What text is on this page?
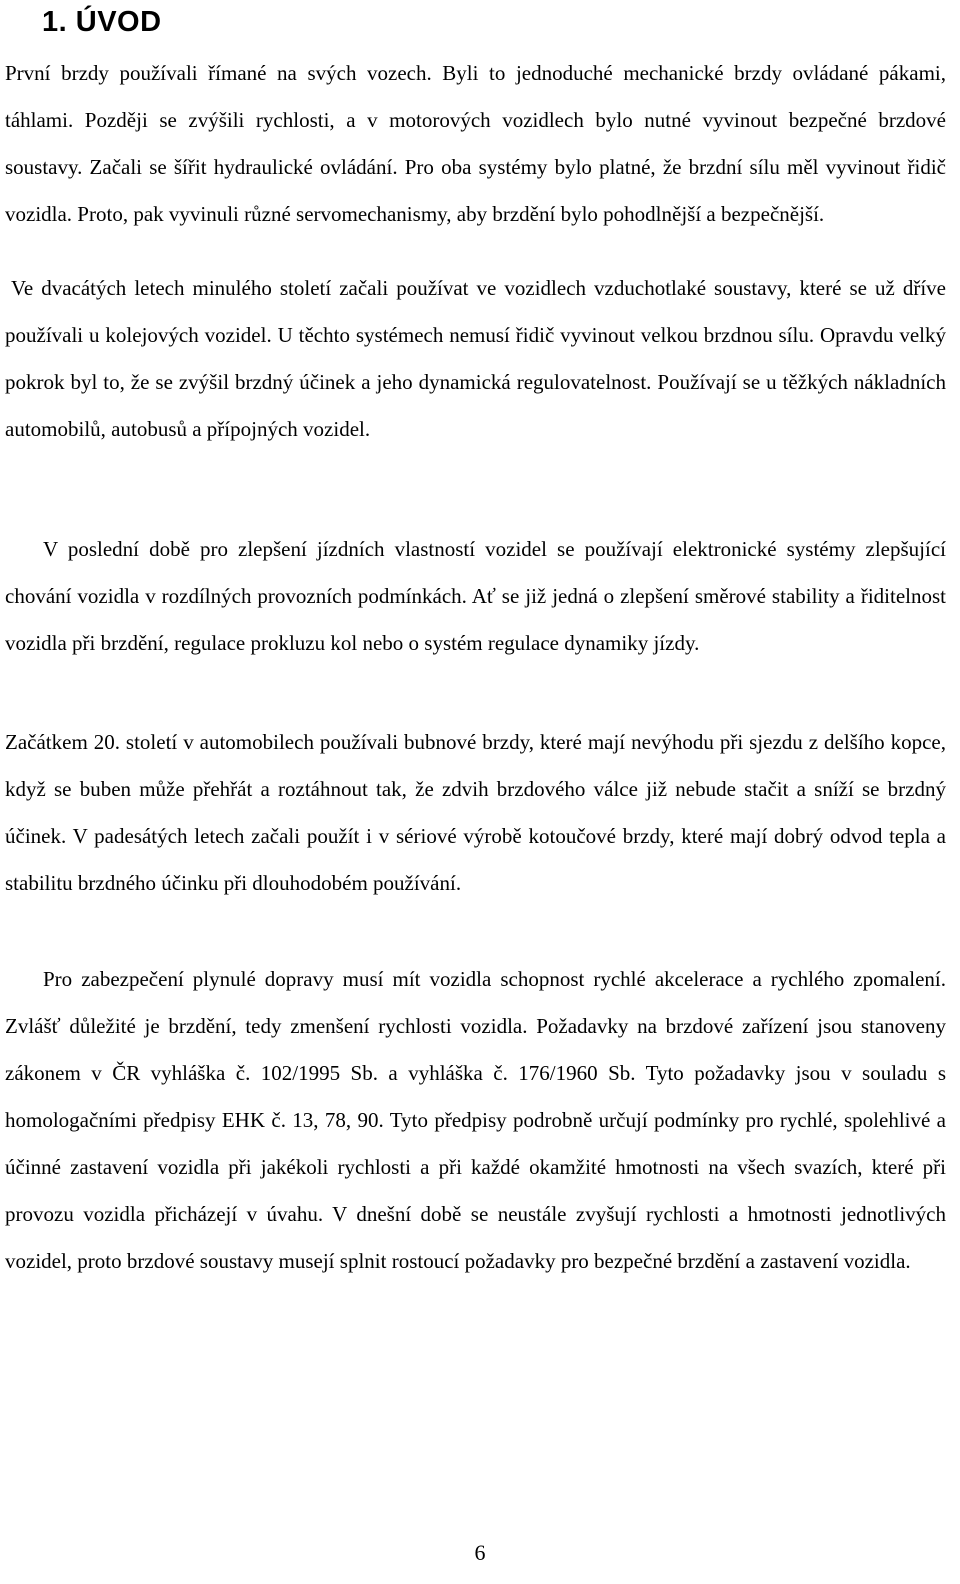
1. ÚVOD

První brzdy používali římané na svých vozech. Byli to jednoduché mechanické brzdy ovládané pákami, táhlami. Později se zvýšili rychlosti, a v motorových vozidlech bylo nutné vyvinout bezpečné brzdové soustavy. Začali se šířit hydraulické ovládání. Pro oba systémy bylo platné, že brzdní sílu měl vyvinout řidič vozidla. Proto, pak vyvinuli různé servomechanismy, aby brzdění bylo pohodlnější a bezpečnější.

Ve dvacátých letech minulého století začali používat ve vozidlech vzduchotlaké soustavy, které se už dříve používali u kolejových vozidel. U těchto systémech nemusí řidič vyvinout velkou brzdnou sílu. Opravdu velký pokrok byl to, že se zvýšil brzdný účinek a jeho dynamická regulovatelnost. Používají se u těžkých nákladních automobilů, autobusů a přípojných vozidel.

V poslední době pro zlepšení jízdních vlastností vozidel se používají elektronické systémy zlepšující chování vozidla v rozdílných provozních podmínkách. Ať se již jedná o zlepšení směrové stability a řiditelnost vozidla při brzdění, regulace prokluzu kol nebo o systém regulace dynamiky jízdy.

Začátkem 20. století v automobilech používali bubnové brzdy, které mají nevýhodu při sjezdu z delšího kopce, když se buben může přehřát a roztáhnout tak, že zdvih brzdového válce již nebude stačit a sníží se brzdný účinek. V padesátých letech začali použít i v sériové výrobě kotoučové brzdy, které mají dobrý odvod tepla a stabilitu brzdného účinku při dlouhodobém používání.

Pro zabezpečení plynulé dopravy musí mít vozidla schopnost rychlé akcelerace a rychlého zpomalení. Zvlášť důležité je brzdění, tedy zmenšení rychlosti vozidla. Požadavky na brzdové zařízení jsou stanoveny zákonem v ČR vyhláška č. 102/1995 Sb. a vyhláška č. 176/1960 Sb. Tyto požadavky jsou v souladu s homologačními předpisy EHK č. 13, 78, 90. Tyto předpisy podrobně určují podmínky pro rychlé, spolehlivé a účinné zastavení vozidla při jakékoli rychlosti a při každé okamžité hmotnosti na všech svazích, které při provozu vozidla přicházejí v úvahu. V dnešní době se neustále zvyšují rychlosti a hmotnosti jednotlivých vozidel, proto brzdové soustavy musejí splnit rostoucí požadavky pro bezpečné brzdění a zastavení vozidla.

6
